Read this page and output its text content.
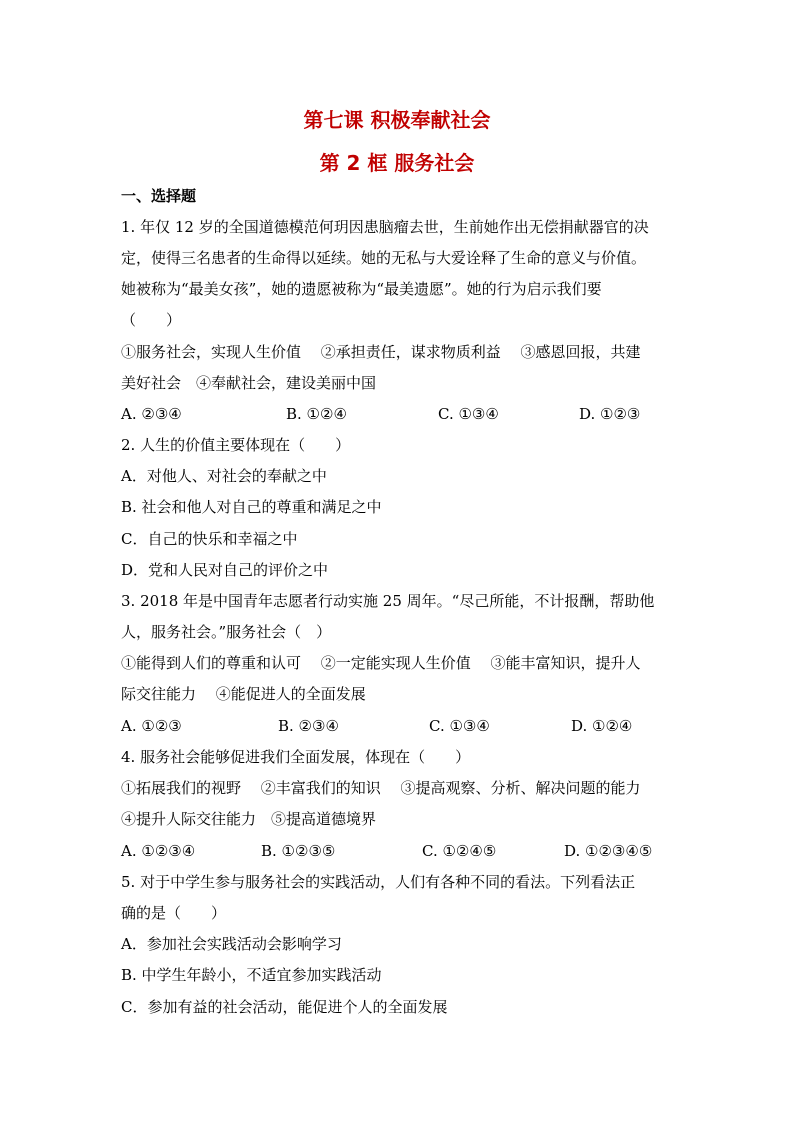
第七课 积极奉献社会
第 2 框 服务社会
一、选择题
1. 年仅 12 岁的全国道德模范何玥因患脑瘤去世，生前她作出无偿捐献器官的决
定，使得三名患者的生命得以延续。她的无私与大爱诠释了生命的意义与价值。
她被称为“最美女孩”，她的遗愿被称为“最美遗愿”。她的行为启示我们要
（　　）
①服务社会，实现人生价值　 ②承担责任，谋求物质利益　 ③感恩回报，共建
美好社会　④奉献社会，建设美丽中国
A. ②③④	B. ①②④	C. ①③④	D. ①②③
2. 人生的价值主要体现在（　　）
A．对他人、对社会的奉献之中
B. 社会和他人对自己的尊重和满足之中
C．自己的快乐和幸福之中
D．党和人民对自己的评价之中
3. 2018 年是中国青年志愿者行动实施 25 周年。“尽己所能，不计报酬，帮助他
人，服务社会。”服务社会（　）
①能得到人们的尊重和认可　 ②一定能实现人生价值　 ③能丰富知识，提升人
际交往能力　 ④能促进人的全面发展
A. ①②③	B. ②③④	C. ①③④	D. ①②④
4. 服务社会能够促进我们全面发展，体现在（　　）
①拓展我们的视野　 ②丰富我们的知识　 ③提高观察、分析、解决问题的能力
④提升人际交往能力　⑤提高道德境界
A. ①②③④	B. ①②③⑤	C. ①②④⑤	D. ①②③④⑤
5. 对于中学生参与服务社会的实践活动，人们有各种不同的看法。下列看法正
确的是（　　）
A．参加社会实践活动会影响学习
B. 中学生年龄小，不适宜参加实践活动
C．参加有益的社会活动，能促进个人的全面发展
